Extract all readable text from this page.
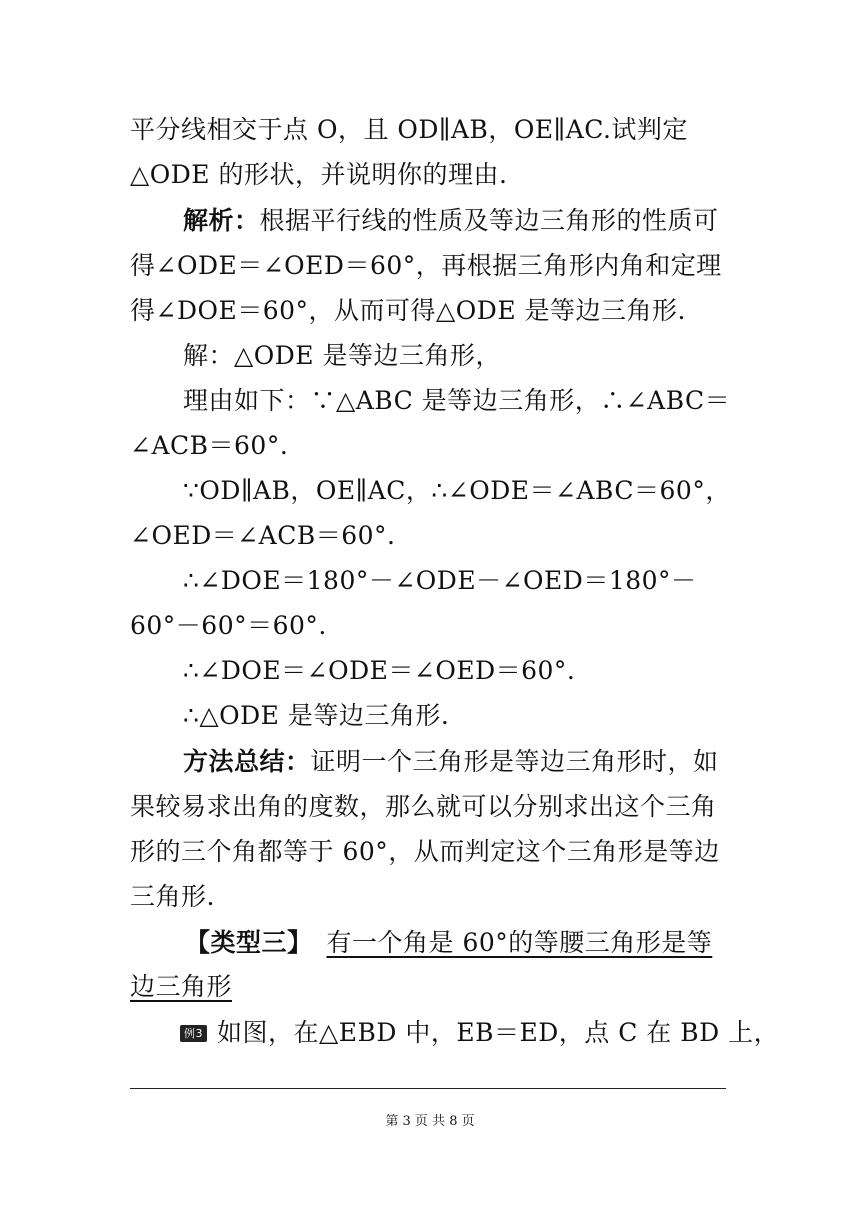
平分线相交于点 O，且 OD∥AB，OE∥AC.试判定
△ODE 的形状，并说明你的理由.
解析：根据平行线的性质及等边三角形的性质可
得∠ODE＝∠OED＝60°，再根据三角形内角和定理
得∠DOE＝60°，从而可得△ODE 是等边三角形.
解：△ODE 是等边三角形，
理由如下：∵△ABC 是等边三角形，∴∠ABC＝
∠ACB＝60°.
∵OD∥AB，OE∥AC，∴∠ODE＝∠ABC＝60°，
∠OED＝∠ACB＝60°.
∴∠DOE＝180°－∠ODE－∠OED＝180°－
60°－60°＝60°.
∴∠DOE＝∠ODE＝∠OED＝60°.
∴△ODE 是等边三角形.
方法总结：证明一个三角形是等边三角形时，如
果较易求出角的度数，那么就可以分别求出这个三角
形的三个角都等于 60°，从而判定这个三角形是等边
三角形.
【类型三】 有一个角是 60°的等腰三角形是等
边三角形
例3 如图，在△EBD 中，EB＝ED，点 C 在 BD 上，
第 3 页 共 8 页
